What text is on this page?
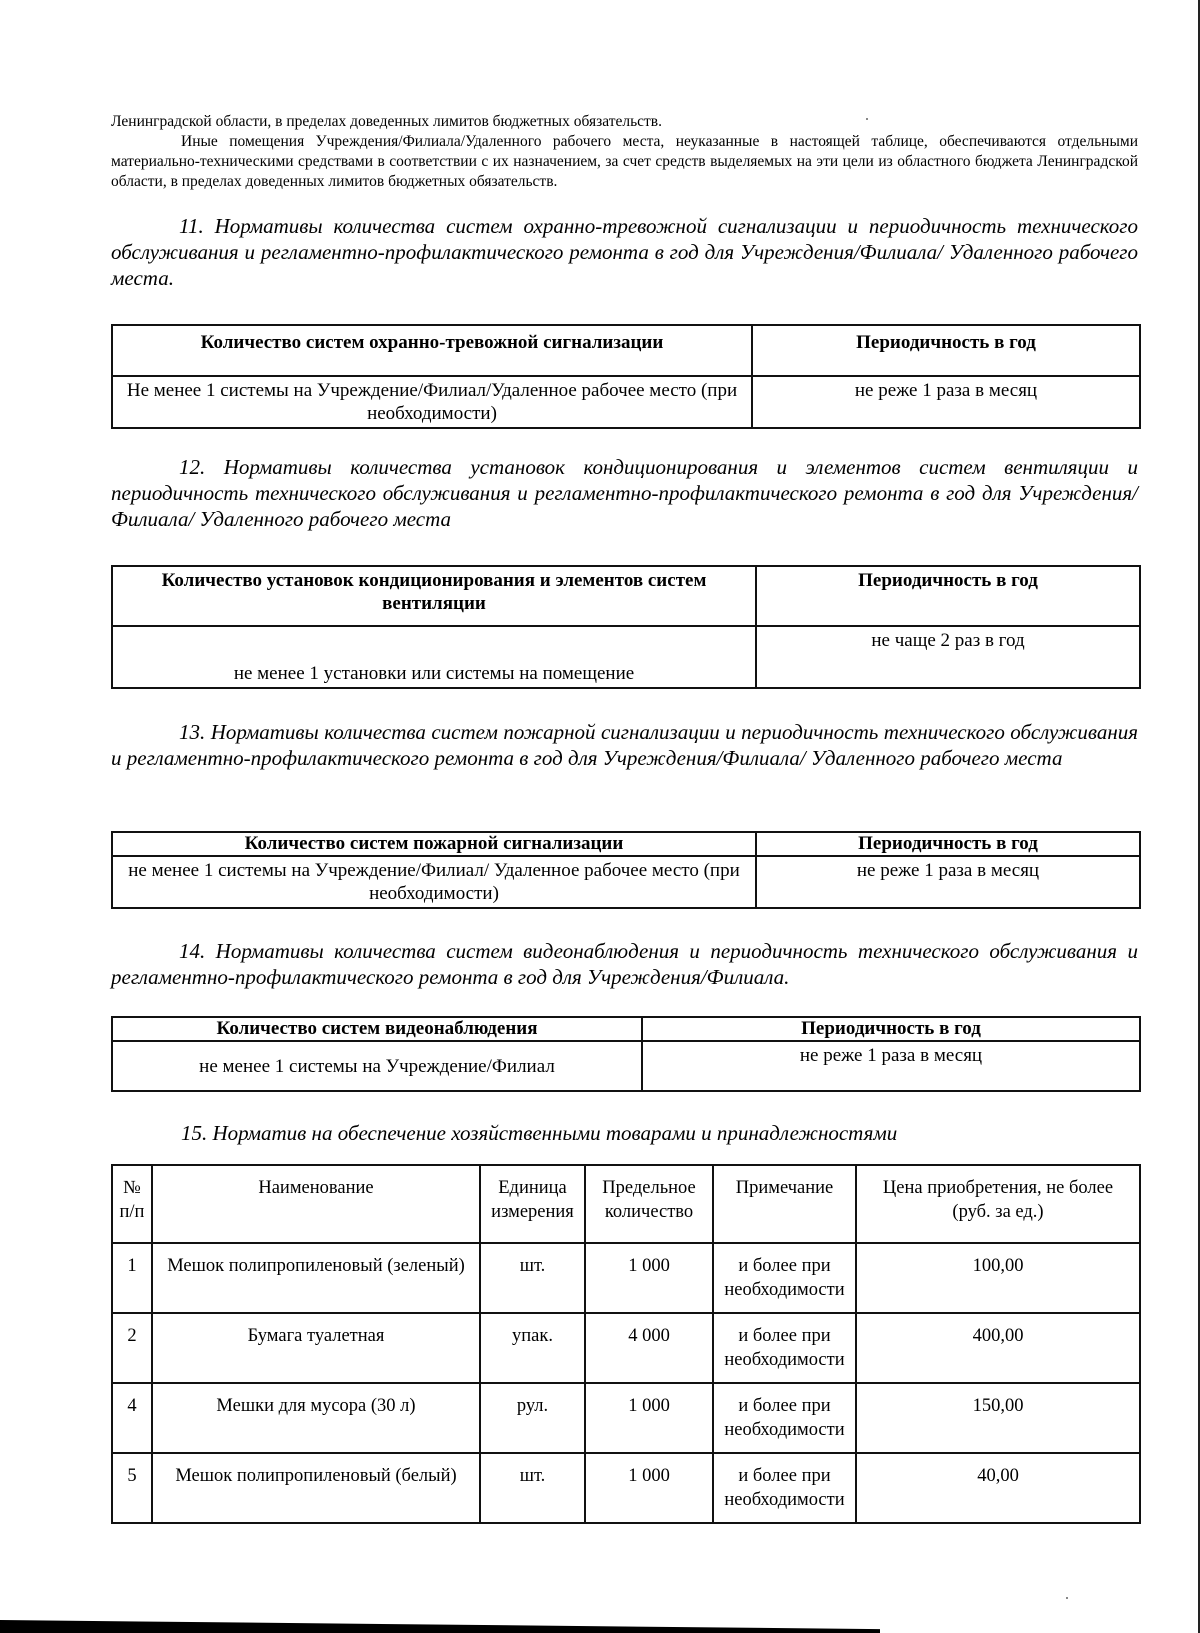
Ленинградской области, в пределах доведенных лимитов бюджетных обязательств.
Иные помещения Учреждения/Филиала/Удаленного рабочего места, неуказанные в настоящей таблице, обеспечиваются отдельными материально-техническими средствами в соответствии с их назначением, за счет средств выделяемых на эти цели из областного бюджета Ленинградской области, в пределах доведенных лимитов бюджетных обязательств.
11. Нормативы количества систем охранно-тревожной сигнализации и периодичность технического обслуживания и регламентно-профилактического ремонта в год для Учреждения/Филиала/ Удаленного рабочего места.
Количество систем охранно-тревожной сигнализации	Периодичность в год
Не менее 1 системы на Учреждение/Филиал/Удаленное рабочее место (при необходимости)	не реже 1 раза в месяц
12. Нормативы количества установок кондиционирования и элементов систем вентиляции и периодичность технического обслуживания и регламентно-профилактического ремонта в год для Учреждения/Филиала/ Удаленного рабочего места
Количество установок кондиционирования и элементов систем вентиляции	Периодичность в год
не менее 1 установки или системы на помещение	не чаще 2 раз в год
13. Нормативы количества систем пожарной сигнализации и периодичность технического обслуживания и регламентно-профилактического ремонта в год для Учреждения/Филиала/ Удаленного рабочего места
Количество систем пожарной сигнализации	Периодичность в год
не менее 1 системы на Учреждение/Филиал/ Удаленное рабочее место (при необходимости)	не реже 1 раза в месяц
14. Нормативы количества систем видеонаблюдения и периодичность технического обслуживания и регламентно-профилактического ремонта в год для Учреждения/Филиала.
Количество систем видеонаблюдения	Периодичность в год
не менее 1 системы на Учреждение/Филиал	не реже 1 раза в месяц
15. Норматив на обеспечение хозяйственными товарами и принадлежностями
№ п/п	Наименование	Единица измерения	Предельное количество	Примечание	Цена приобретения, не более (руб. за ед.)
1	Мешок полипропиленовый (зеленый)	шт.	1 000	и более при необходимости	100,00
2	Бумага туалетная	упак.	4 000	и более при необходимости	400,00
4	Мешки для мусора (30 л)	рул.	1 000	и более при необходимости	150,00
5	Мешок полипропиленовый (белый)	шт.	1 000	и более при необходимости	40,00
